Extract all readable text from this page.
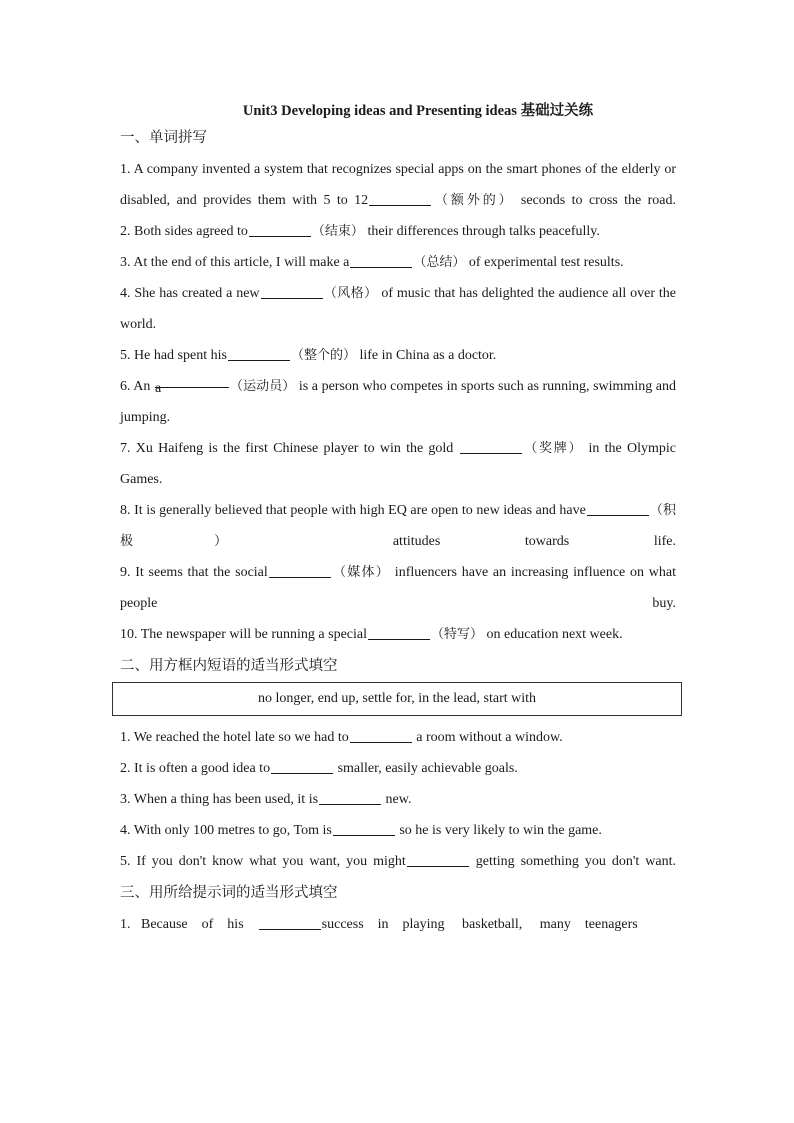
Unit3 Developing ideas and Presenting ideas 基础过关练
一、单词拼写

1. A company invented a system that recognizes special apps on the smart phones of the elderly or disabled, and provides them with 5 to 12	（额外的） seconds to cross the road.

2. Both sides agreed to	（结束） their differences through talks peacefully.

3. At the end of this article, I will make a	（总结） of experimental test results.

4. She has created a new	（风格） of music that has delighted the audience all over the world.

5. He had spent his	（整个的） life in China as a doctor.

6. An a	（运动员） is a person who competes in sports such as running, swimming and jumping.

7. Xu Haifeng is the first Chinese player to win the gold	（奖牌） in the Olympic Games.

8. It is generally believed that people with high EQ are open to new ideas and have	（积极） attitudes towards life.

9. It seems that the social	（媒体） influencers have an increasing influence on what people buy.

10. The newspaper will be running a special	（特写） on education next week.

二、用方框内短语的适当形式填空
no longer, end up, settle for, in the lead, start with

1. We reached the hotel late so we had to	a room without a window.

2. It is often a good idea to	smaller, easily achievable goals.

3. When a thing has been used, it is	new.

4. With only 100 metres to go, Tom is	so he is very likely to win the game.

5. If you don't know what you want, you might	getting something you don't want.

三、用所给提示词的适当形式填空

1.   Because    of    his	success    in    playing     basketball,     many    teenagers
